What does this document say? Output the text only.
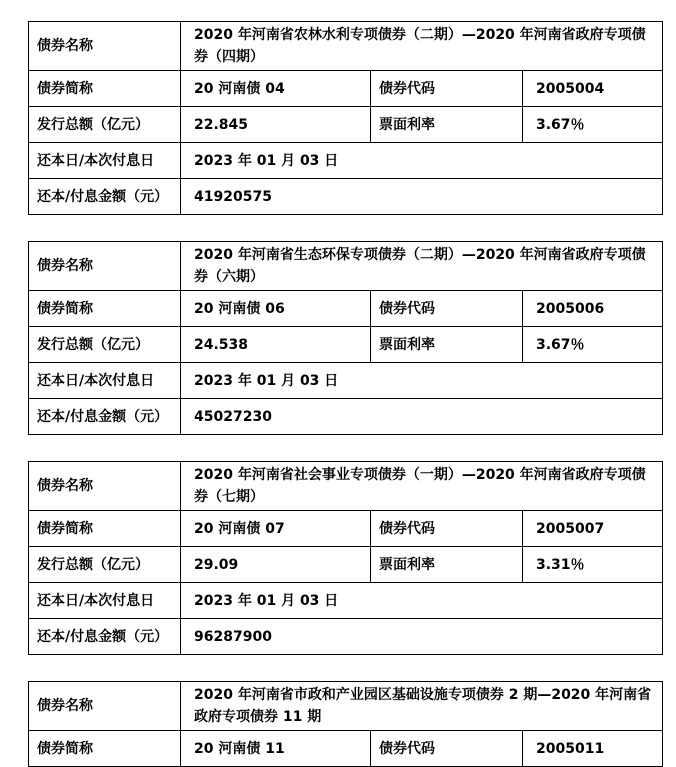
债券名称	2020 年河南省农林水利专项债券（二期）—2020 年河南省政府专项债券（四期）		
债券简称	20 河南债 04	债券代码	2005004
发行总额（亿元）	22.845	票面利率	3.67％
还本日/本次付息日	2023 年 01 月 03 日		
还本/付息金额（元）	41920575		
债券名称	2020 年河南省生态环保专项债券（二期）—2020 年河南省政府专项债券（六期）		
债券简称	20 河南债 06	债券代码	2005006
发行总额（亿元）	24.538	票面利率	3.67％
还本日/本次付息日	2023 年 01 月 03 日		
还本/付息金额（元）	45027230		
债券名称	2020 年河南省社会事业专项债券（一期）—2020 年河南省政府专项债券（七期）		
债券简称	20 河南债 07	债券代码	2005007
发行总额（亿元）	29.09	票面利率	3.31％
还本日/本次付息日	2023 年 01 月 03 日		
还本/付息金额（元）	96287900		
债券名称	2020 年河南省市政和产业园区基础设施专项债券 2 期—2020 年河南省政府专项债券 11 期		
债券简称	20 河南债 11	债券代码	2005011
